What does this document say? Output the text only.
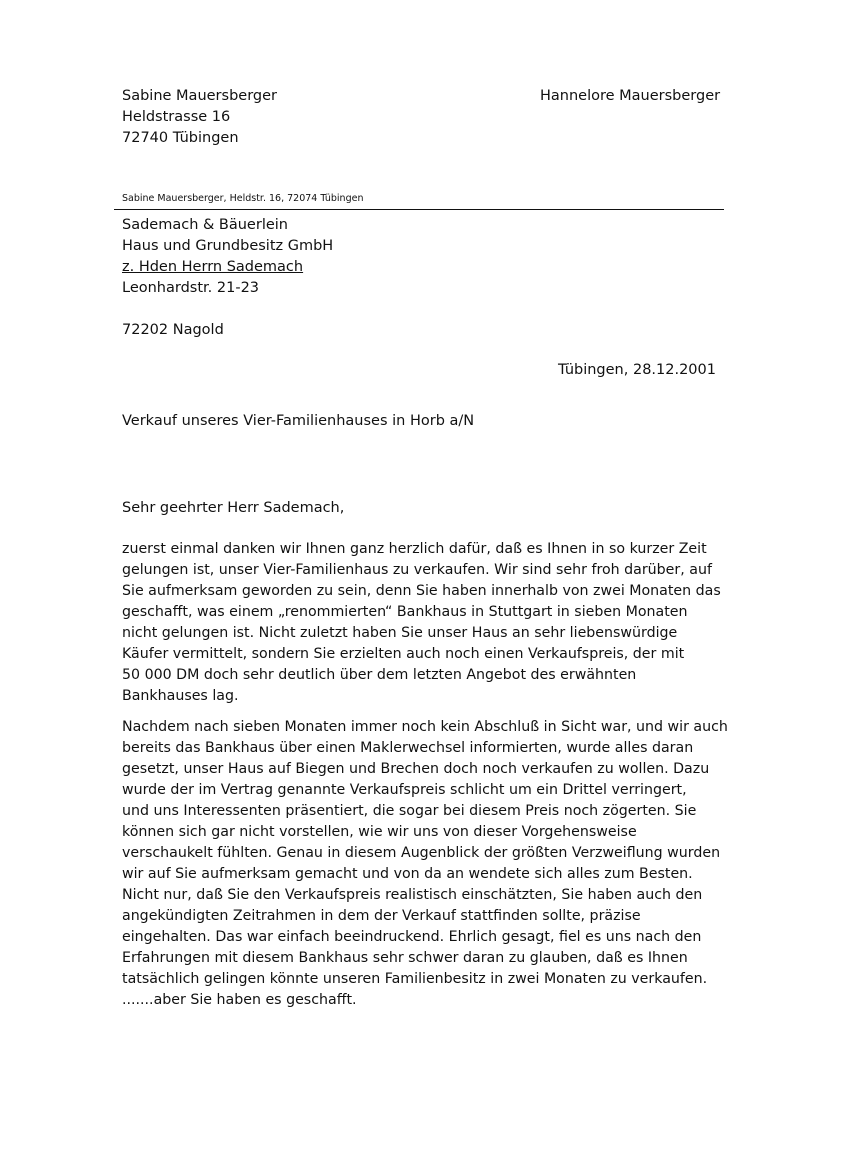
Sabine Mauersberger
Heldstrasse 16
72740 Tübingen
Hannelore Mauersberger
Sabine Mauersberger, Heldstr. 16, 72074 Tübingen
Sademach & Bäuerlein
Haus und Grundbesitz GmbH
z. Hden Herrn Sademach
Leonhardstr. 21-23
72202 Nagold
Tübingen, 28.12.2001
Verkauf unseres Vier-Familienhauses in Horb a/N
Sehr geehrter Herr Sademach,

zuerst einmal danken wir Ihnen ganz herzlich dafür, daß es Ihnen in so kurzer Zeit
gelungen ist, unser Vier-Familienhaus zu verkaufen. Wir sind sehr froh darüber, auf
Sie aufmerksam geworden zu sein, denn Sie haben innerhalb von zwei Monaten das
geschafft, was einem „renommierten“ Bankhaus in Stuttgart in sieben Monaten
nicht gelungen ist. Nicht zuletzt haben Sie unser Haus an sehr liebenswürdige
Käufer vermittelt, sondern Sie erzielten auch noch einen Verkaufspreis, der mit
50 000 DM doch sehr deutlich über dem letzten Angebot des erwähnten
Bankhauses lag.

Nachdem nach sieben Monaten immer noch kein Abschluß in Sicht war, und wir auch
bereits das Bankhaus über einen Maklerwechsel informierten, wurde alles daran
gesetzt, unser Haus auf Biegen und Brechen doch noch verkaufen zu wollen. Dazu
wurde der im Vertrag genannte Verkaufspreis schlicht um ein Drittel verringert,
und uns Interessenten präsentiert, die sogar bei diesem Preis noch zögerten. Sie
können sich gar nicht vorstellen, wie wir uns von dieser Vorgehensweise
verschaukelt fühlten. Genau in diesem Augenblick der größten Verzweiflung wurden
wir auf Sie aufmerksam gemacht und von da an wendete sich alles zum Besten.
Nicht nur, daß Sie den Verkaufspreis realistisch einschätzten, Sie haben auch den
angekündigten Zeitrahmen in dem der Verkauf stattfinden sollte, präzise
eingehalten. Das war einfach beeindruckend. Ehrlich gesagt, fiel es uns nach den
Erfahrungen mit diesem Bankhaus sehr schwer daran zu glauben, daß es Ihnen
tatsächlich gelingen könnte unseren Familienbesitz in zwei Monaten zu verkaufen.
.......aber Sie haben es geschafft.
